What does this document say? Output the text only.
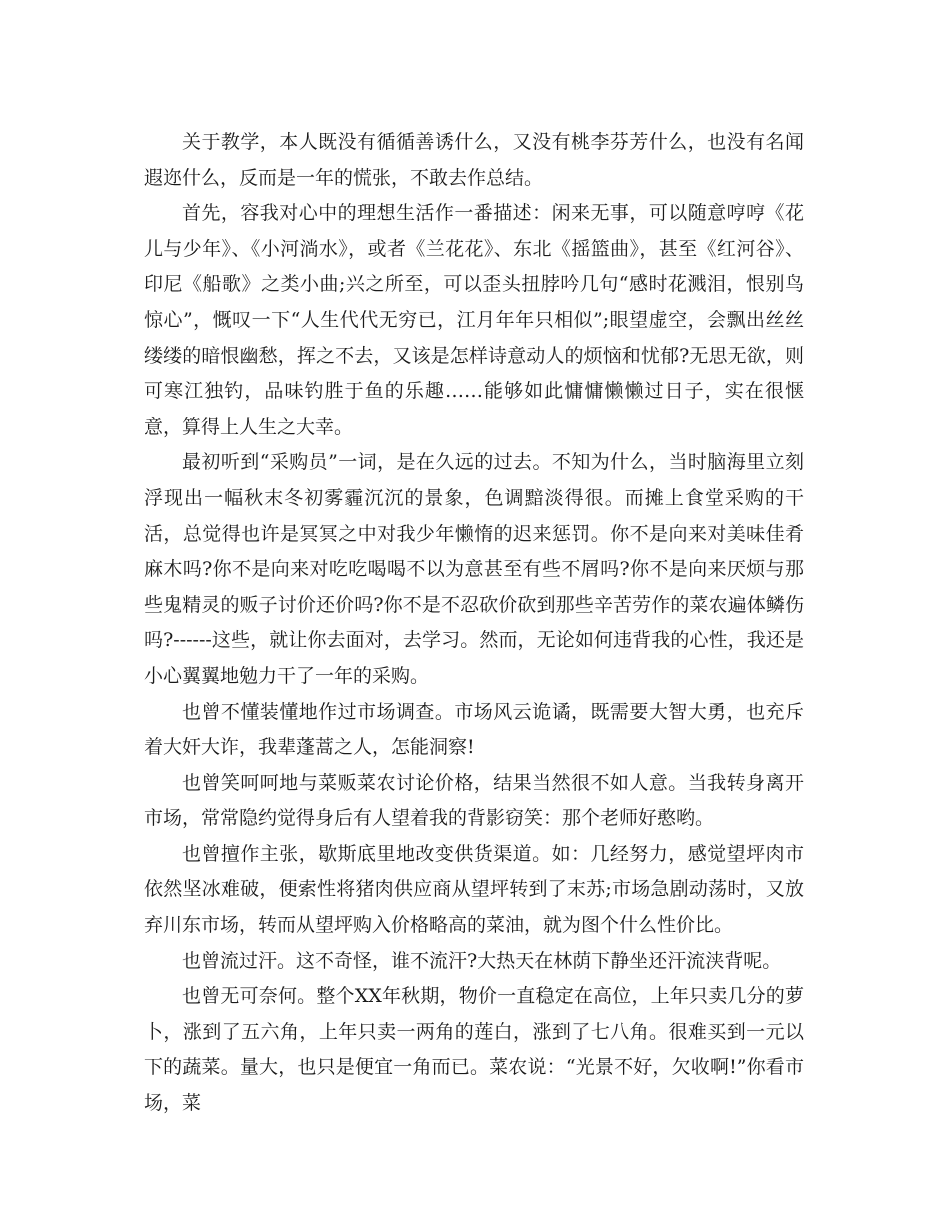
关于教学，本人既没有循循善诱什么，又没有桃李芬芳什么，也没有名闻遐迩什么，反而是一年的慌张，不敢去作总结。

首先，容我对心中的理想生活作一番描述：闲来无事，可以随意哼哼《花儿与少年》、《小河淌水》，或者《兰花花》、东北《摇篮曲》，甚至《红河谷》、印尼《船歌》之类小曲;兴之所至，可以歪头扭脖吟几句“感时花溅泪，恨别鸟惊心”，慨叹一下“人生代代无穷已，江月年年只相似”;眼望虚空，会飘出丝丝缕缕的暗恨幽愁，挥之不去，又该是怎样诗意动人的烦恼和忧郁?无思无欲，则可寒江独钓，品味钓胜于鱼的乐趣……能够如此慵慵懒懒过日子，实在很惬意，算得上人生之大幸。

最初听到“采购员”一词，是在久远的过去。不知为什么，当时脑海里立刻浮现出一幅秋末冬初雾霾沉沉的景象，色调黯淡得很。而摊上食堂采购的干活，总觉得也许是冥冥之中对我少年懒惰的迟来惩罚。你不是向来对美味佳肴麻木吗?你不是向来对吃吃喝喝不以为意甚至有些不屑吗?你不是向来厌烦与那些鬼精灵的贩子讨价还价吗?你不是不忍砍价砍到那些辛苦劳作的菜农遍体鳞伤吗?------这些，就让你去面对，去学习。然而，无论如何违背我的心性，我还是小心翼翼地勉力干了一年的采购。

也曾不懂装懂地作过市场调查。市场风云诡谲，既需要大智大勇，也充斥着大奸大诈，我辈蓬蒿之人，怎能洞察!

也曾笑呵呵地与菜贩菜农讨论价格，结果当然很不如人意。当我转身离开市场，常常隐约觉得身后有人望着我的背影窃笑：那个老师好憨哟。

也曾擅作主张，歇斯底里地改变供货渠道。如：几经努力，感觉望坪肉市依然坚冰难破，便索性将猪肉供应商从望坪转到了末苏;市场急剧动荡时，又放弃川东市场，转而从望坪购入价格略高的菜油，就为图个什么性价比。

也曾流过汗。这不奇怪，谁不流汗?大热天在林荫下静坐还汗流浃背呢。

也曾无可奈何。整个XX年秋期，物价一直稳定在高位，上年只卖几分的萝卜，涨到了五六角，上年只卖一两角的莲白，涨到了七八角。很难买到一元以下的蔬菜。量大，也只是便宜一角而已。菜农说：“光景不好，欠收啊!”你看市场，菜
